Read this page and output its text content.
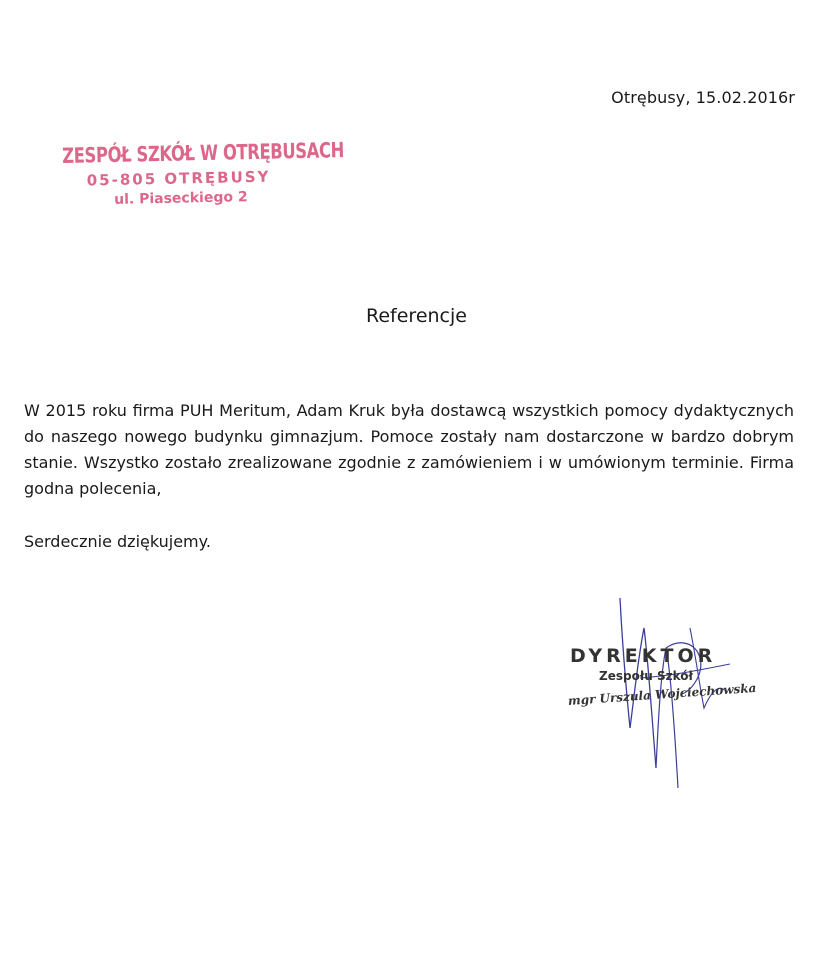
Otrębusy, 15.02.2016r
ZESPÓŁ SZKÓŁ W OTRĘBUSACH
05-805 OTRĘBUSY
ul. Piaseckiego 2
Referencje
W 2015 roku firma PUH Meritum, Adam Kruk była dostawcą wszystkich pomocy dydaktycznych do naszego nowego budynku gimnazjum. Pomoce zostały nam dostarczone w bardzo dobrym stanie. Wszystko zostało zrealizowane zgodnie z zamówieniem i w umówionym terminie. Firma godna polecenia,
Serdecznie dziękujemy.
DYREKTOR
Zespołu Szkół
mgr Urszula Wojciechowska
